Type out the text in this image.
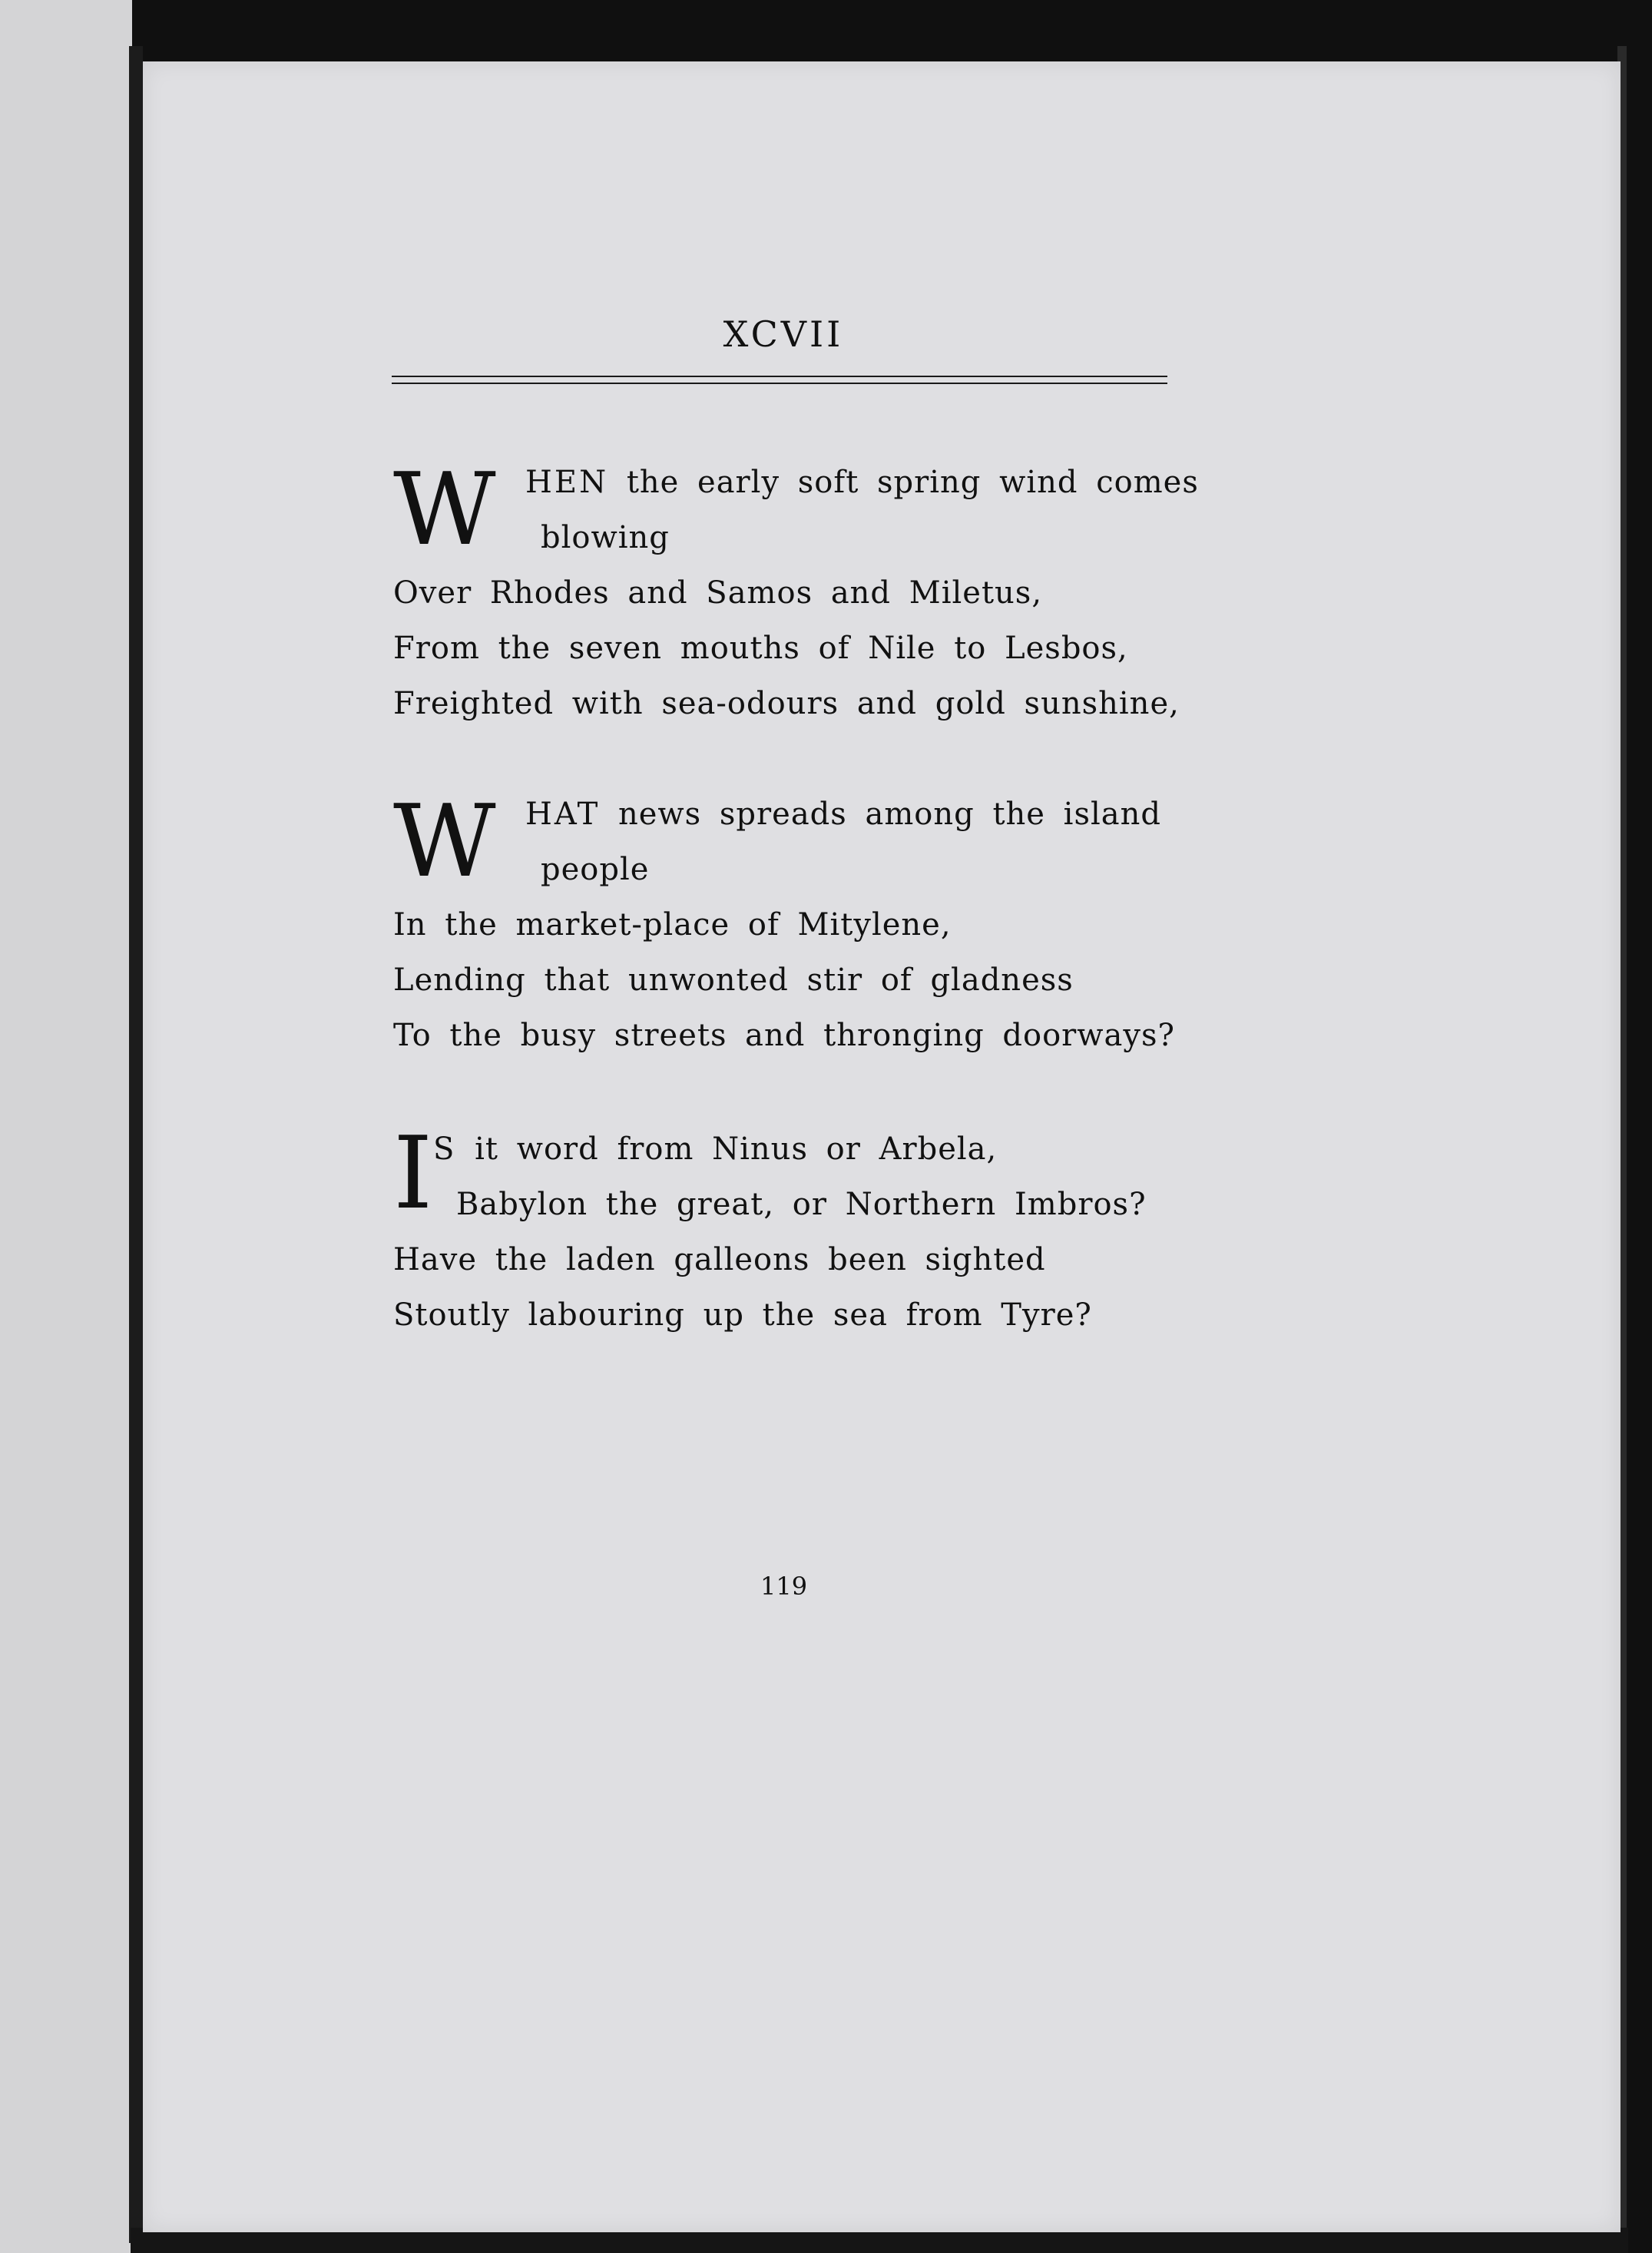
XCVII
W HEN the early soft spring wind comes
blowing
Over Rhodes and Samos and Miletus,
From the seven mouths of Nile to Lesbos,
Freighted with sea-odours and gold sunshine,
W HAT news spreads among the island
people
In the market-place of Mitylene,
Lending that unwonted stir of gladness
To the busy streets and thronging doorways?
I S it word from Ninus or Arbela,
Babylon the great, or Northern Imbros?
Have the laden galleons been sighted
Stoutly labouring up the sea from Tyre?
119
